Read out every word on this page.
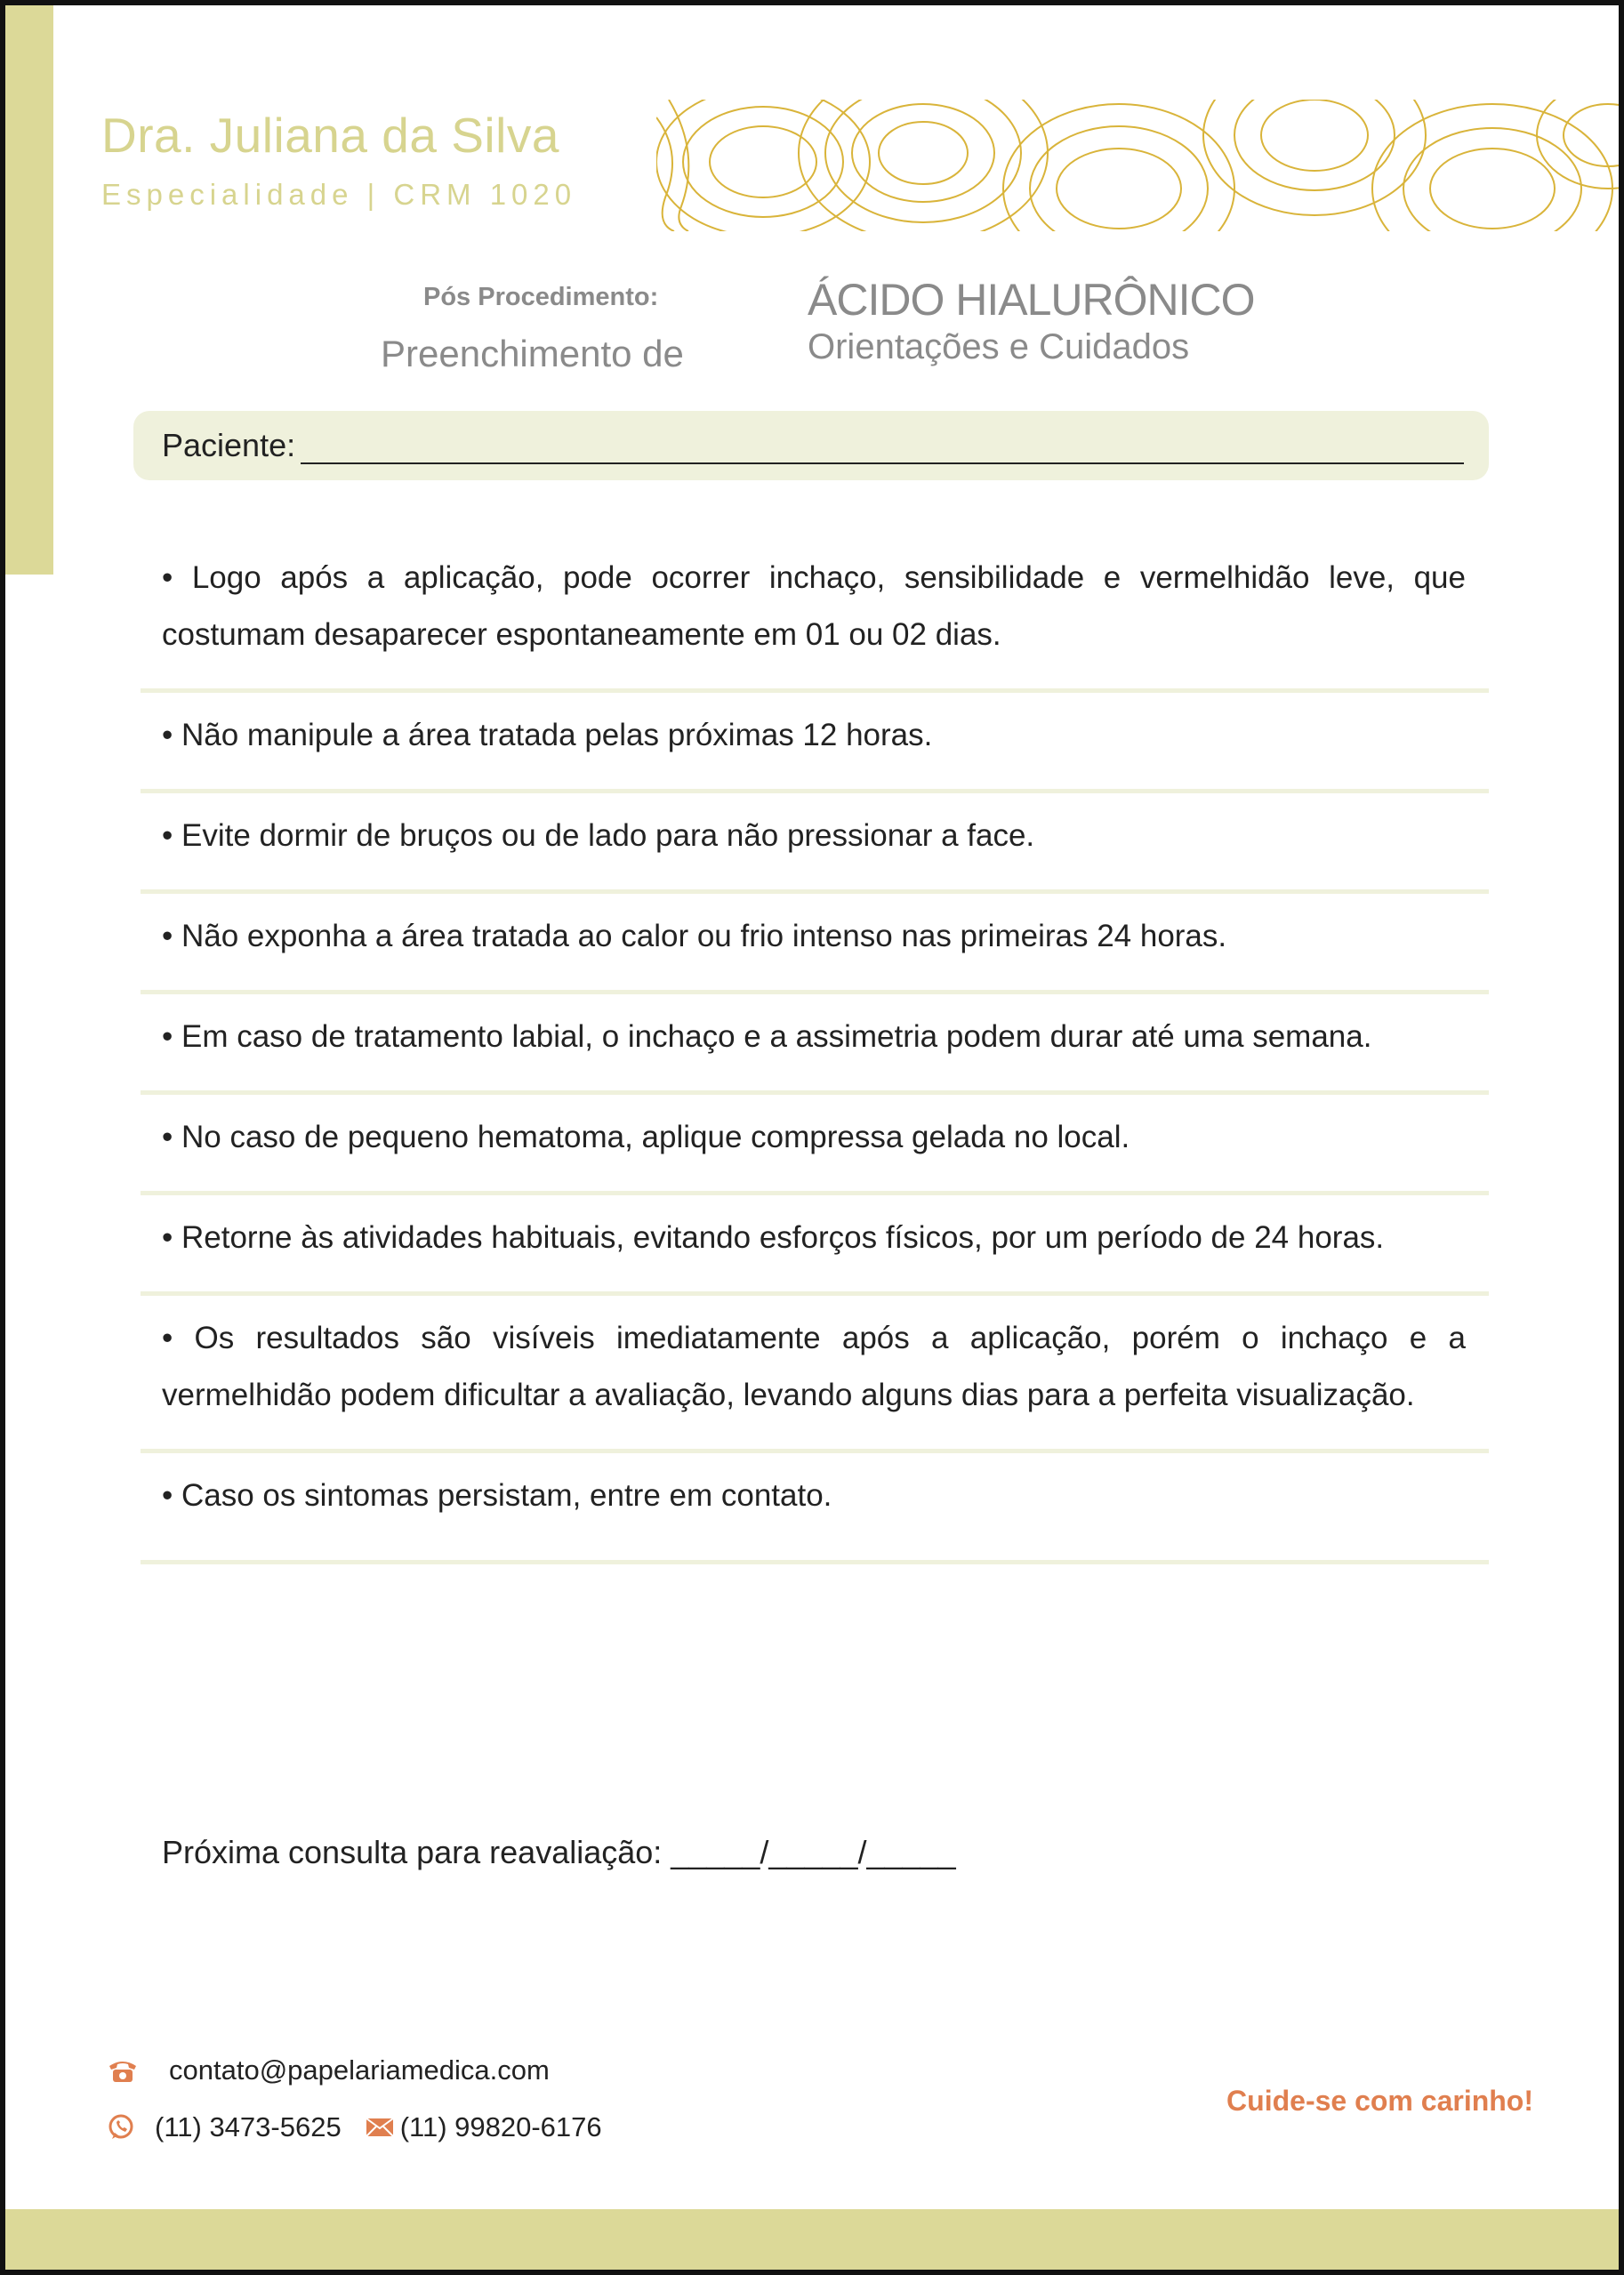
Dra. Juliana da Silva
Especialidade | CRM 1020
Pós Procedimento:
Preenchimento de
ÁCIDO HIALURÔNICO
Orientações e Cuidados
Paciente:
• Logo após a aplicação, pode ocorrer inchaço, sensibilidade e vermelhidão leve, que costumam desaparecer espontaneamente em 01 ou 02 dias.
• Não manipule a área tratada pelas próximas 12 horas.
• Evite dormir de bruços ou de lado para não pressionar a face.
• Não exponha a área tratada ao calor ou frio intenso nas primeiras 24 horas.
• Em caso de tratamento labial, o inchaço e a assimetria podem durar até uma semana.
• No caso de pequeno hematoma, aplique compressa gelada no local.
• Retorne às atividades habituais, evitando esforços físicos, por um período de 24 horas.
• Os resultados são visíveis imediatamente após a aplicação, porém o inchaço e a vermelhidão podem dificultar a avaliação, levando alguns dias para a perfeita visualização.
• Caso os sintomas persistam, entre em contato.
Próxima consulta para reavaliação: _____/_____/_____
contato@papelariamedica.com
(11) 3473-5625 (11) 99820-6176
Cuide-se com carinho!
